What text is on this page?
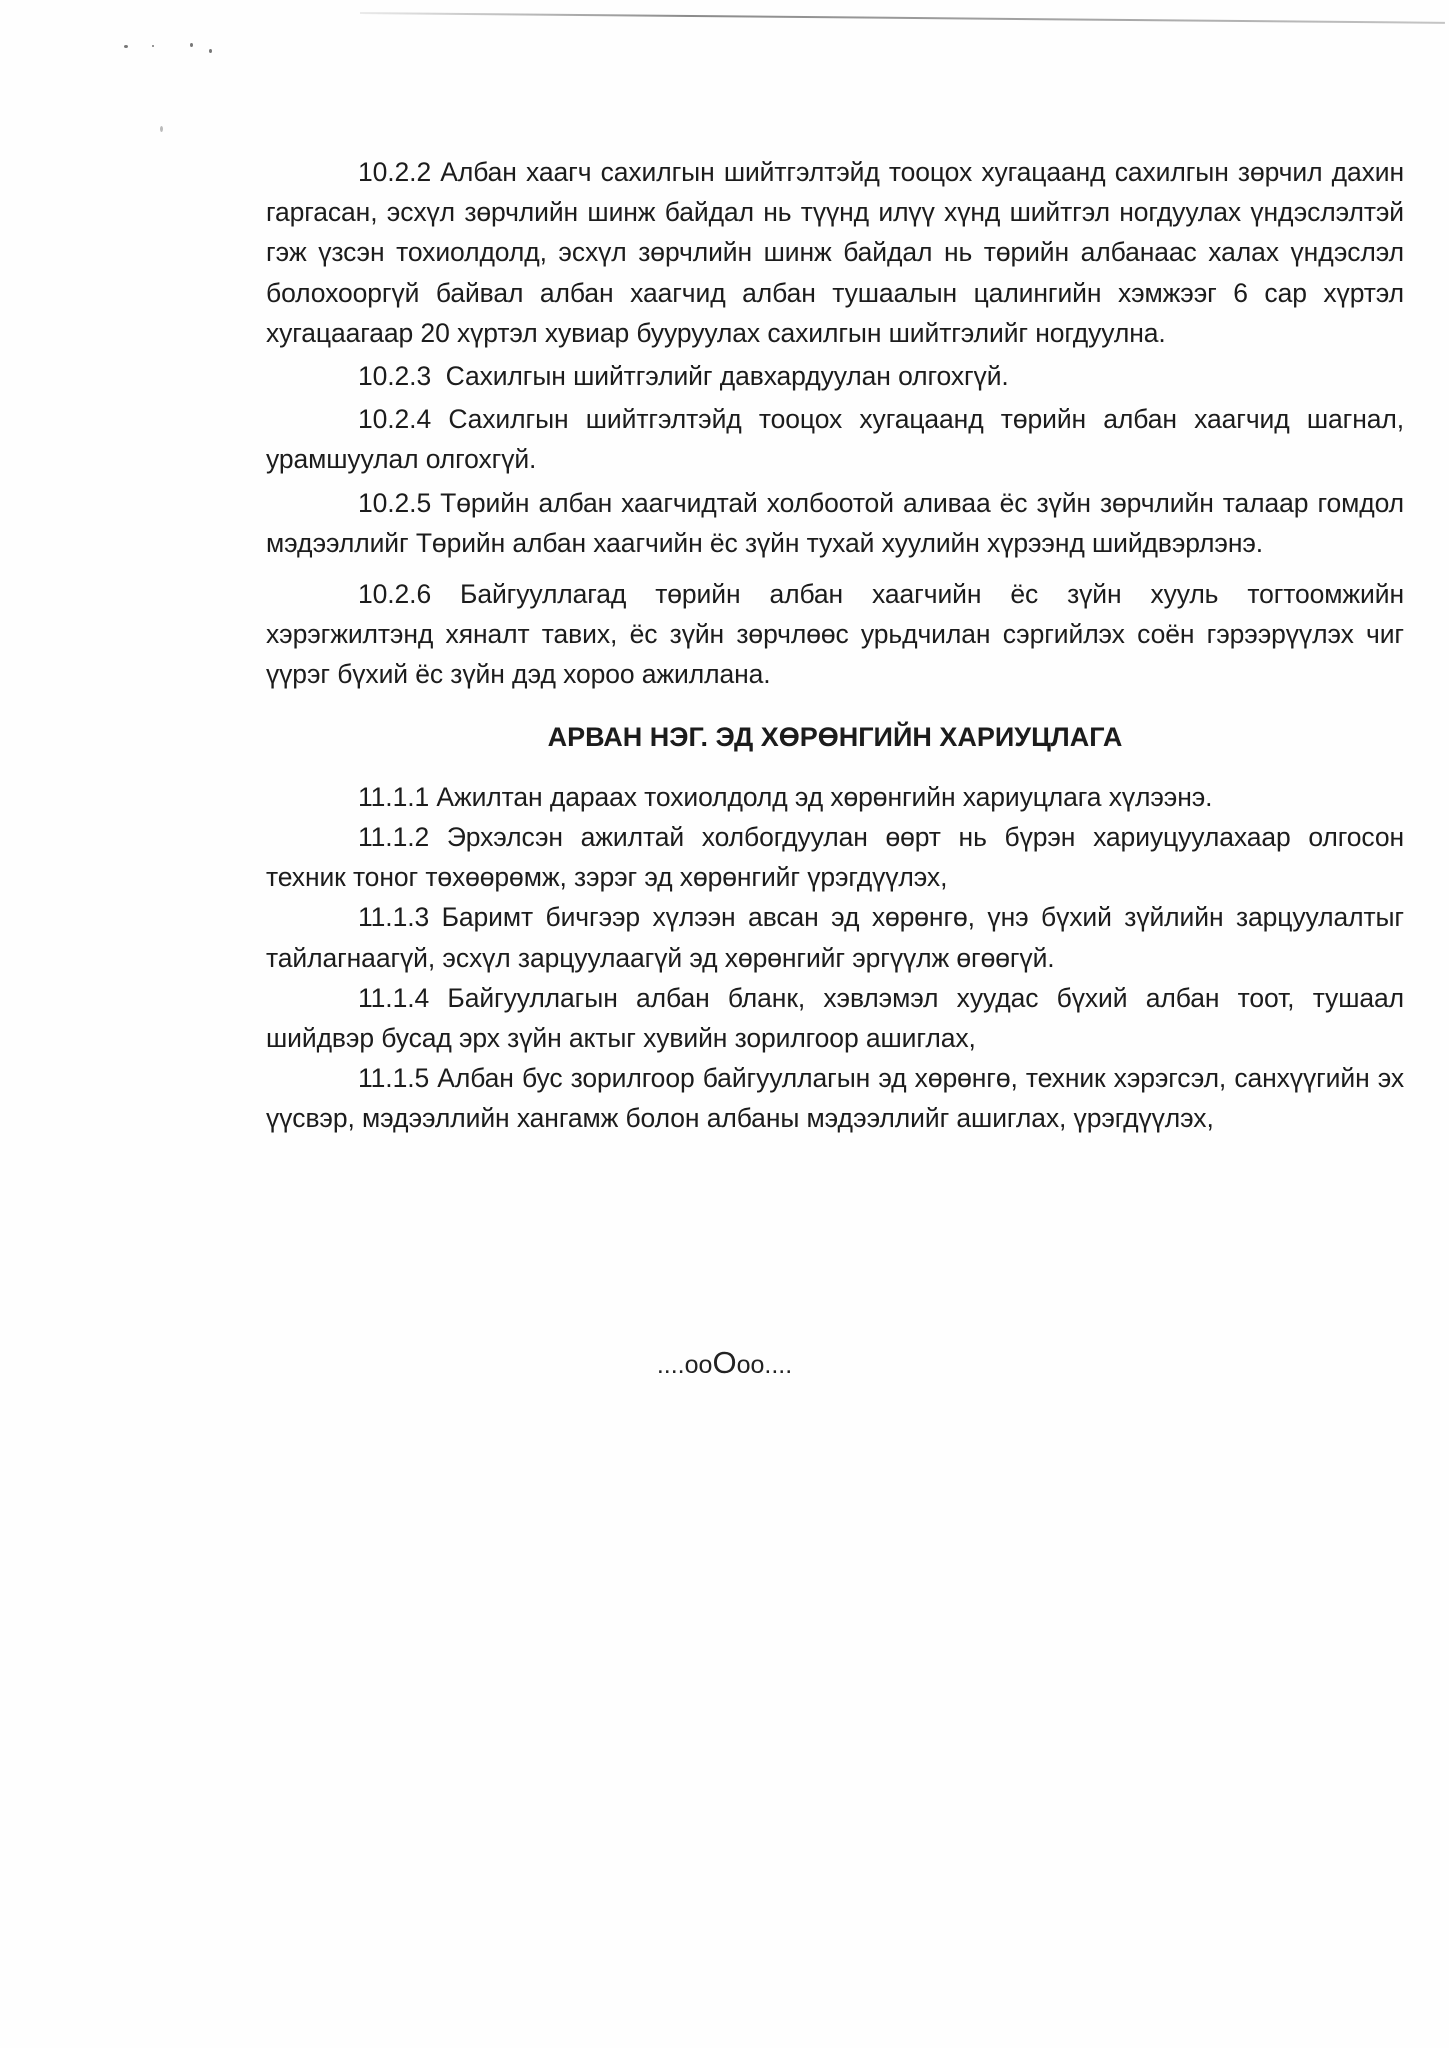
10.2.2 Албан хаагч сахилгын шийтгэлтэйд тооцох хугацаанд сахилгын зөрчил дахин гаргасан, эсхүл зөрчлийн шинж байдал нь түүнд илүү хүнд шийтгэл ногдуулах үндэслэлтэй гэж үзсэн тохиолдолд, эсхүл зөрчлийн шинж байдал нь төрийн албанаас халах үндэслэл болохооргүй байвал албан хаагчид албан тушаалын цалингийн хэмжээг 6 сар хүртэл хугацаагаар 20 хүртэл хувиар бууруулах сахилгын шийтгэлийг ногдуулна.

10.2.3 Сахилгын шийтгэлийг давхардуулан олгохгүй.

10.2.4 Сахилгын шийтгэлтэйд тооцох хугацаанд төрийн албан хаагчид шагнал, урамшуулал олгохгүй.

10.2.5 Төрийн албан хаагчидтай холбоотой аливаа ёс зүйн зөрчлийн талаар гомдол мэдээллийг Төрийн албан хаагчийн ёс зүйн тухай хуулийн хүрээнд шийдвэрлэнэ.

10.2.6 Байгууллагад төрийн албан хаагчийн ёс зүйн хууль тогтоомжийн хэрэгжилтэнд хяналт тавих, ёс зүйн зөрчлөөс урьдчилан сэргийлэх соён гэрээрүүлэх чиг үүрэг бүхий ёс зүйн дэд хороо ажиллана.

АРВАН НЭГ. ЭД ХӨРӨНГИЙН ХАРИУЦЛАГА

11.1.1 Ажилтан дараах тохиолдолд эд хөрөнгийн хариуцлага хүлээнэ.

11.1.2 Эрхэлсэн ажилтай холбогдуулан өөрт нь бүрэн хариуцуулахаар олгосон техник тоног төхөөрөмж, зэрэг эд хөрөнгийг үрэгдүүлэх,

11.1.3 Баримт бичгээр хүлээн авсан эд хөрөнгө, үнэ бүхий зүйлийн зарцуулалтыг тайлагнаагүй, эсхүл зарцуулаагүй эд хөрөнгийг эргүүлж өгөөгүй.

11.1.4 Байгууллагын албан бланк, хэвлэмэл хуудас бүхий албан тоот, тушаал шийдвэр бусад эрх зүйн актыг хувийн зорилгоор ашиглах,

11.1.5 Албан бус зорилгоор байгууллагын эд хөрөнгө, техник хэрэгсэл, санхүүгийн эх үүсвэр, мэдээллийн хангамж болон албаны мэдээллийг ашиглах, үрэгдүүлэх,

....ooOoo....
